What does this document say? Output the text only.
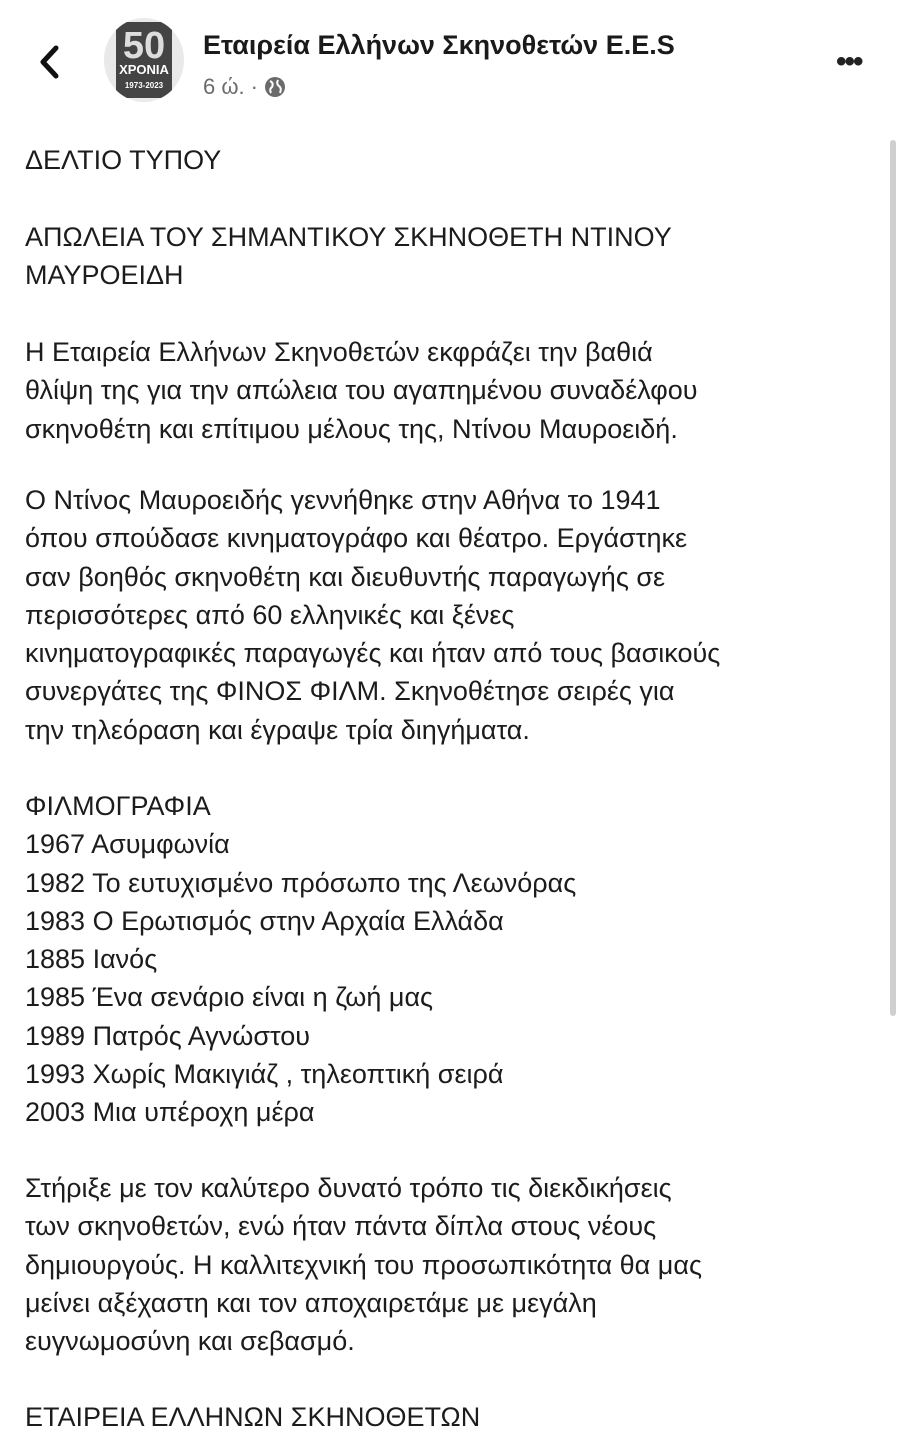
50
ΧΡΟΝΙΑ
1973-2023
Εταιρεία Ελλήνων Σκηνοθετών E.E.S
6 ώ. ·
•••
ΔΕΛΤΙΟ ΤΥΠΟΥ
ΑΠΩΛΕΙΑ ΤΟΥ ΣΗΜΑΝΤΙΚΟΥ ΣΚΗΝΟΘΕΤΗ ΝΤΙΝΟΥ
ΜΑΥΡΟΕΙΔΗ
Η Εταιρεία Ελλήνων Σκηνοθετών εκφράζει την βαθιά
θλίψη της για την απώλεια του αγαπημένου συναδέλφου
σκηνοθέτη και επίτιμου μέλους της, Ντίνου Μαυροειδή.
Ο Ντίνος Μαυροειδής γεννήθηκε στην Αθήνα το 1941
όπου σπούδασε κινηματογράφο και θέατρο. Εργάστηκε
σαν βοηθός σκηνοθέτη και διευθυντής παραγωγής σε
περισσότερες από 60 ελληνικές και ξένες
κινηματογραφικές παραγωγές και ήταν από τους βασικούς
συνεργάτες της ΦΙΝΟΣ ΦΙΛΜ. Σκηνοθέτησε σειρές για
την τηλεόραση και έγραψε τρία διηγήματα.
ΦΙΛΜΟΓΡΑΦΙΑ
1967 Ασυμφωνία
1982 Το ευτυχισμένο πρόσωπο της Λεωνόρας
1983 Ο Ερωτισμός στην Αρχαία Ελλάδα
1885 Ιανός
1985 Ένα σενάριο είναι η ζωή μας
1989 Πατρός Αγνώστου
1993 Χωρίς Μακιγιάζ , τηλεοπτική σειρά
2003 Μια υπέροχη μέρα
Στήριξε με τον καλύτερο δυνατό τρόπο τις διεκδικήσεις
των σκηνοθετών, ενώ ήταν πάντα δίπλα στους νέους
δημιουργούς. Η καλλιτεχνική του προσωπικότητα θα μας
μείνει αξέχαστη και τον αποχαιρετάμε με μεγάλη
ευγνωμοσύνη και σεβασμό.
ΕΤΑΙΡΕΙΑ ΕΛΛΗΝΩΝ ΣΚΗΝΟΘΕΤΩΝ
